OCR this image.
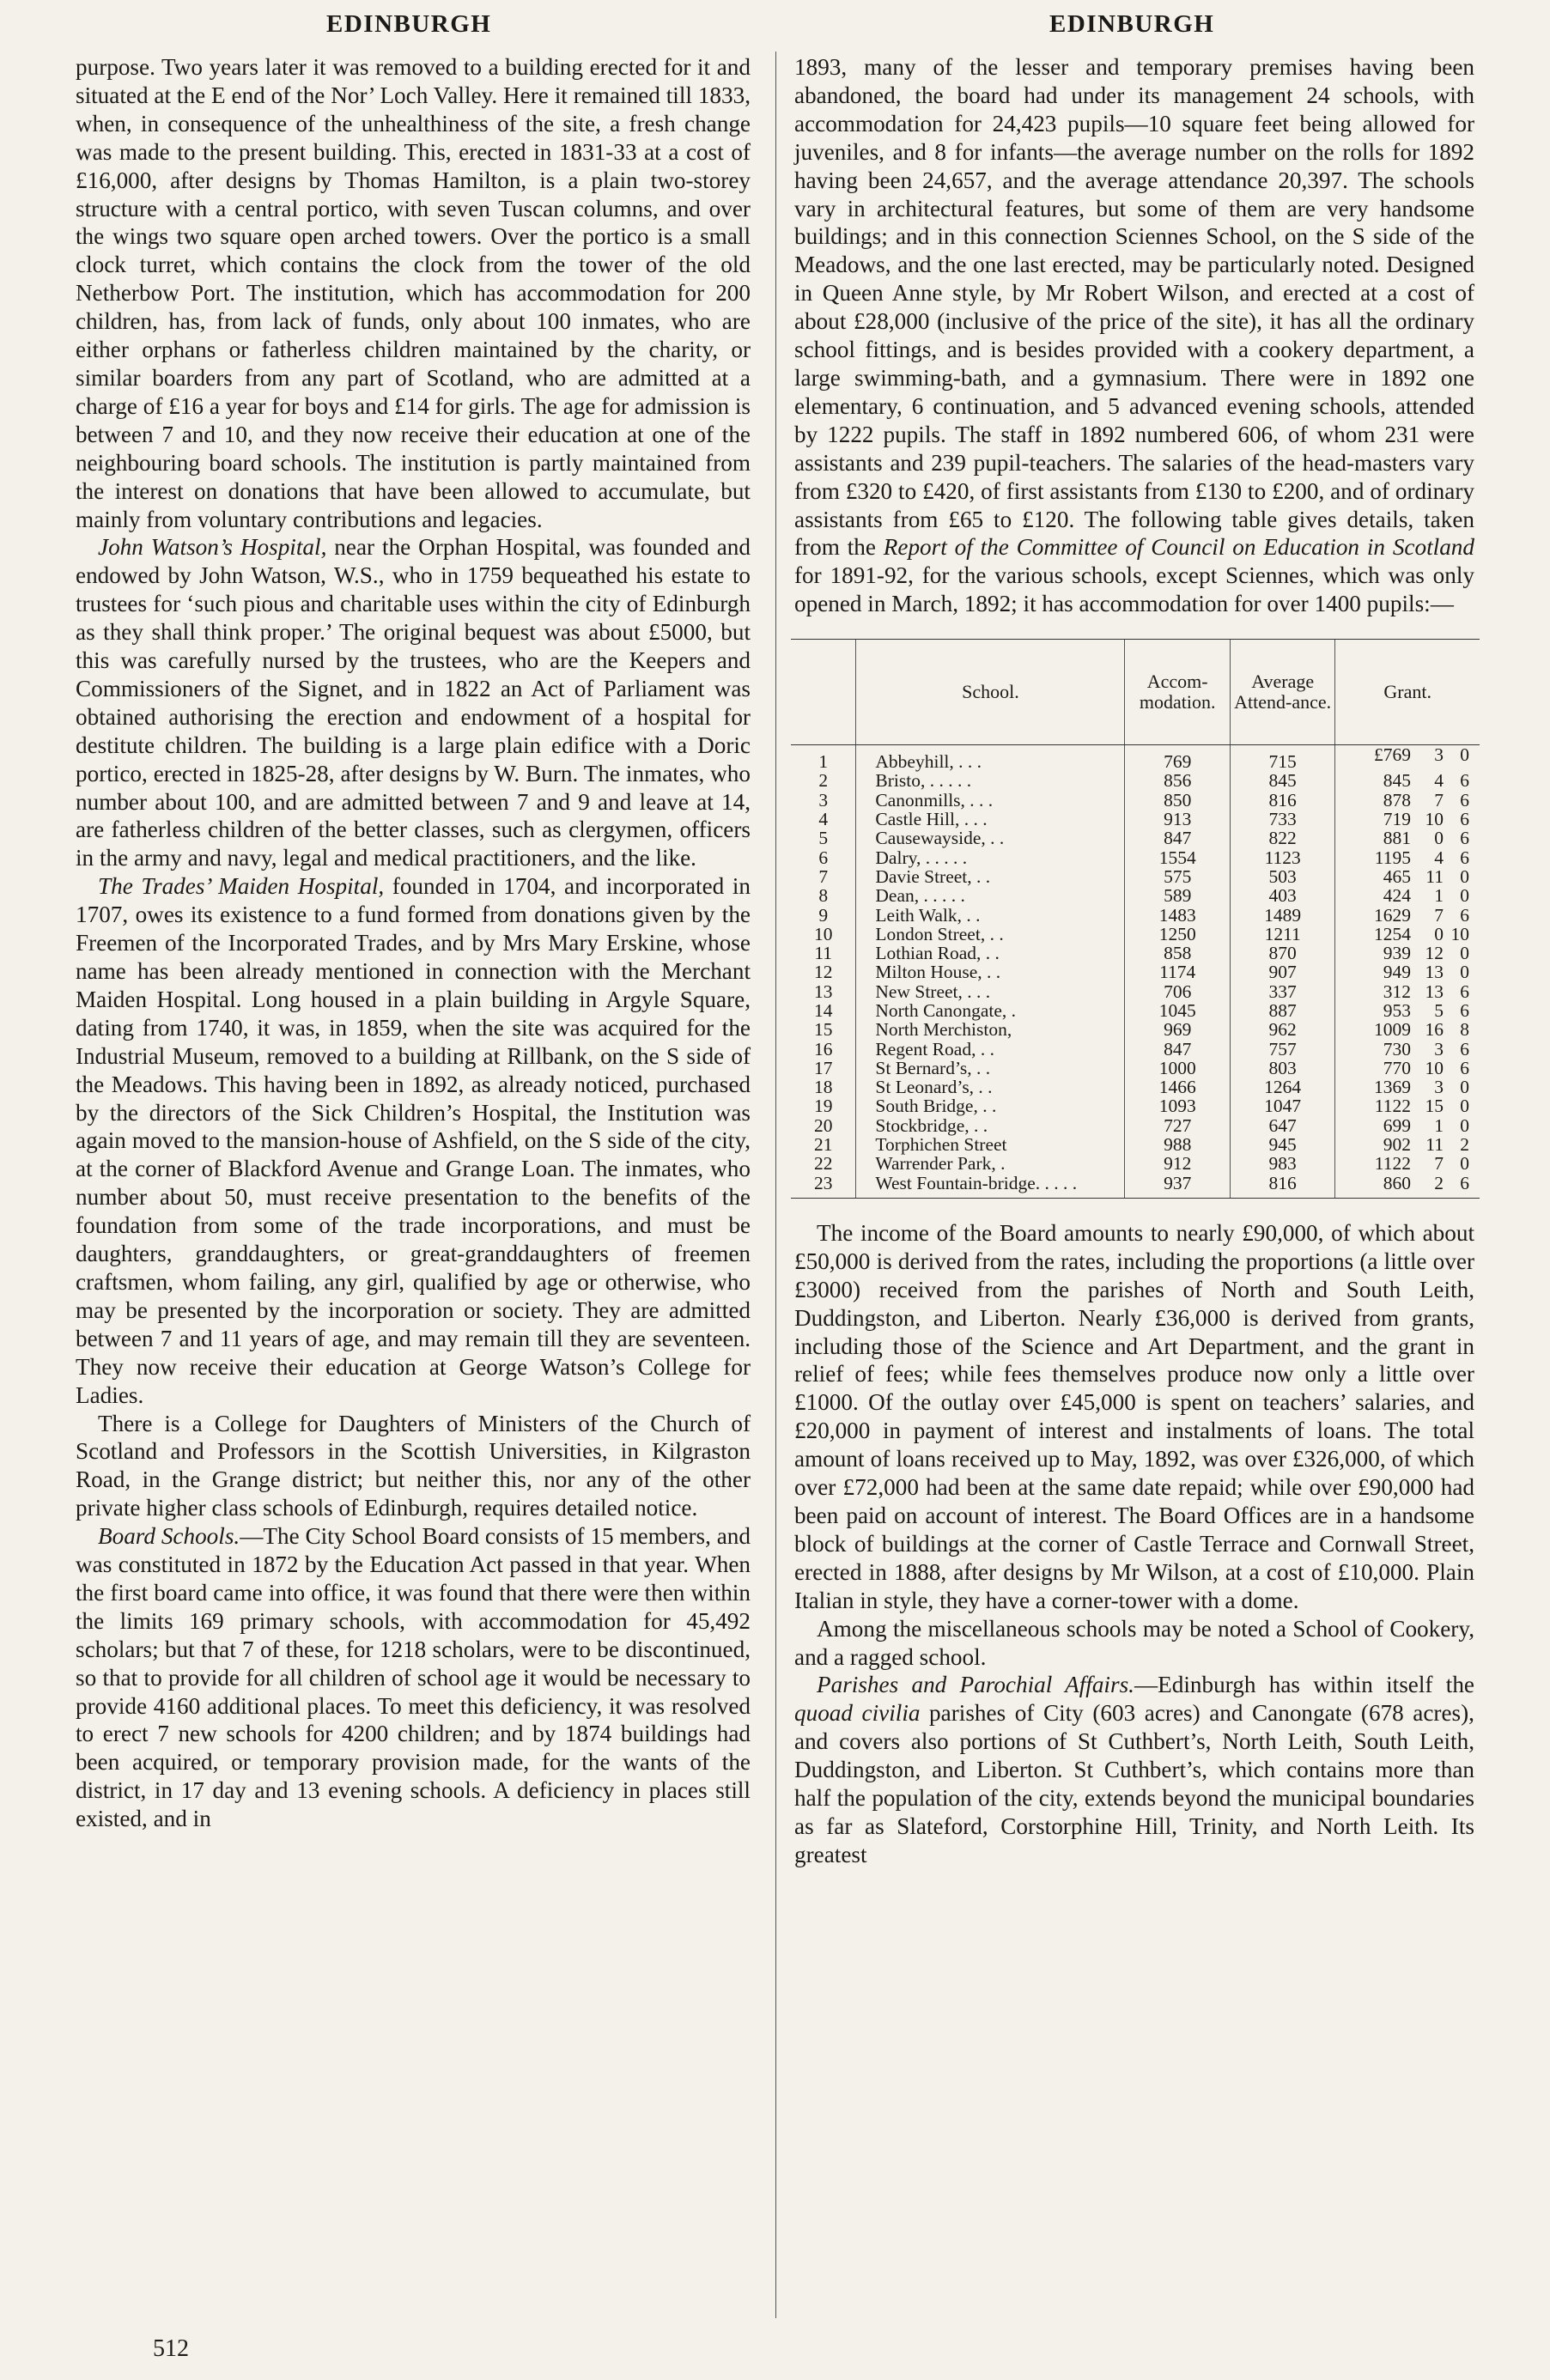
EDINBURGH	EDINBURGH

purpose. Two years later it was removed to a building erected for it and situated at the E end of the Nor’ Loch Valley. Here it remained till 1833, when, in consequence of the unhealthiness of the site, a fresh change was made to the present building. This, erected in 1831-33 at a cost of £16,000, after designs by Thomas Hamilton, is a plain two-storey structure with a central portico, with seven Tuscan columns, and over the wings two square open arched towers. Over the portico is a small clock turret, which contains the clock from the tower of the old Netherbow Port. The institution, which has accommodation for 200 children, has, from lack of funds, only about 100 inmates, who are either orphans or fatherless children maintained by the charity, or similar boarders from any part of Scotland, who are admitted at a charge of £16 a year for boys and £14 for girls. The age for admission is between 7 and 10, and they now receive their education at one of the neighbouring board schools. The institution is partly maintained from the interest on donations that have been allowed to accumulate, but mainly from voluntary contributions and legacies.

John Watson’s Hospital, near the Orphan Hospital, was founded and endowed by John Watson, W.S., who in 1759 bequeathed his estate to trustees for ‘such pious and charitable uses within the city of Edinburgh as they shall think proper.’ The original bequest was about £5000, but this was carefully nursed by the trustees, who are the Keepers and Commissioners of the Signet, and in 1822 an Act of Parliament was obtained authorising the erection and endowment of a hospital for destitute children. The building is a large plain edifice with a Doric portico, erected in 1825-28, after designs by W. Burn. The inmates, who number about 100, and are admitted between 7 and 9 and leave at 14, are fatherless children of the better classes, such as clergymen, officers in the army and navy, legal and medical practitioners, and the like.

The Trades’ Maiden Hospital, founded in 1704, and incorporated in 1707, owes its existence to a fund formed from donations given by the Freemen of the Incorporated Trades, and by Mrs Mary Erskine, whose name has been already mentioned in connection with the Merchant Maiden Hospital. Long housed in a plain building in Argyle Square, dating from 1740, it was, in 1859, when the site was acquired for the Industrial Museum, removed to a building at Rillbank, on the S side of the Meadows. This having been in 1892, as already noticed, purchased by the directors of the Sick Children’s Hospital, the Institution was again moved to the mansion-house of Ashfield, on the S side of the city, at the corner of Blackford Avenue and Grange Loan. The inmates, who number about 50, must receive presentation to the benefits of the foundation from some of the trade incorporations, and must be daughters, granddaughters, or great-granddaughters of freemen craftsmen, whom failing, any girl, qualified by age or otherwise, who may be presented by the incorporation or society. They are admitted between 7 and 11 years of age, and may remain till they are seventeen. They now receive their education at George Watson’s College for Ladies.

There is a College for Daughters of Ministers of the Church of Scotland and Professors in the Scottish Universities, in Kilgraston Road, in the Grange district; but neither this, nor any of the other private higher class schools of Edinburgh, requires detailed notice.

Board Schools.—The City School Board consists of 15 members, and was constituted in 1872 by the Education Act passed in that year. When the first board came into office, it was found that there were then within the limits 169 primary schools, with accommodation for 45,492 scholars; but that 7 of these, for 1218 scholars, were to be discontinued, so that to provide for all children of school age it would be necessary to provide 4160 additional places. To meet this deficiency, it was resolved to erect 7 new schools for 4200 children; and by 1874 buildings had been acquired, or temporary provision made, for the wants of the district, in 17 day and 13 evening schools. A deficiency in places still existed, and in

1893, many of the lesser and temporary premises having been abandoned, the board had under its management 24 schools, with accommodation for 24,423 pupils—10 square feet being allowed for juveniles, and 8 for infants—the average number on the rolls for 1892 having been 24,657, and the average attendance 20,397. The schools vary in architectural features, but some of them are very handsome buildings; and in this connection Sciennes School, on the S side of the Meadows, and the one last erected, may be particularly noted. Designed in Queen Anne style, by Mr Robert Wilson, and erected at a cost of about £28,000 (inclusive of the price of the site), it has all the ordinary school fittings, and is besides provided with a cookery department, a large swimming-bath, and a gymnasium. There were in 1892 one elementary, 6 continuation, and 5 advanced evening schools, attended by 1222 pupils. The staff in 1892 numbered 606, of whom 231 were assistants and 239 pupil-teachers. The salaries of the head-masters vary from £320 to £420, of first assistants from £130 to £200, and of ordinary assistants from £65 to £120. The following table gives details, taken from the Report of the Committee of Council on Education in Scotland for 1891-92, for the various schools, except Sciennes, which was only opened in March, 1892; it has accommodation for over 1400 pupils:—

	School.	Accom-modation.	Average Attend-ance.	Grant.
1	Abbeyhill, . . .	769	715	£769 3 0

2	Bristo, . . . . .	856	845	845 4 6

3	Canonmills, . . .	850	816	878 7 6

4	Castle Hill, . . .	913	733	719 10 6

5	Causewayside, . .	847	822	881 0 6

6	Dalry, . . . . .	1554	1123	1195 4 6

7	Davie Street, . .	575	503	465 11 0

8	Dean, . . . . .	589	403	424 1 0

9	Leith Walk, . .	1483	1489	1629 7 6

10	London Street, . .	1250	1211	1254 0 10

11	Lothian Road, . .	858	870	939 12 0

12	Milton House, . .	1174	907	949 13 0

13	New Street, . . .	706	337	312 13 6

14	North Canongate, .	1045	887	953 5 6

15	North Merchiston,	969	962	1009 16 8

16	Regent Road, . .	847	757	730 3 6

17	St Bernard’s, . .	1000	803	770 10 6

18	St Leonard’s, . .	1466	1264	1369 3 0

19	South Bridge, . .	1093	1047	1122 15 0

20	Stockbridge, . .	727	647	699 1 0

21	Torphichen Street	988	945	902 11 2

22	Warrender Park, .	912	983	1122 7 0

23	West Fountain-bridge. . . . .	937	816	860 2 6

The income of the Board amounts to nearly £90,000, of which about £50,000 is derived from the rates, including the proportions (a little over £3000) received from the parishes of North and South Leith, Duddingston, and Liberton. Nearly £36,000 is derived from grants, including those of the Science and Art Department, and the grant in relief of fees; while fees themselves produce now only a little over £1000. Of the outlay over £45,000 is spent on teachers’ salaries, and £20,000 in payment of interest and instalments of loans. The total amount of loans received up to May, 1892, was over £326,000, of which over £72,000 had been at the same date repaid; while over £90,000 had been paid on account of interest. The Board Offices are in a handsome block of buildings at the corner of Castle Terrace and Cornwall Street, erected in 1888, after designs by Mr Wilson, at a cost of £10,000. Plain Italian in style, they have a corner-tower with a dome.

Among the miscellaneous schools may be noted a School of Cookery, and a ragged school.

Parishes and Parochial Affairs.—Edinburgh has within itself the quoad civilia parishes of City (603 acres) and Canongate (678 acres), and covers also portions of St Cuthbert’s, North Leith, South Leith, Duddingston, and Liberton. St Cuthbert’s, which contains more than half the population of the city, extends beyond the municipal boundaries as far as Slateford, Corstorphine Hill, Trinity, and North Leith. Its greatest

512
